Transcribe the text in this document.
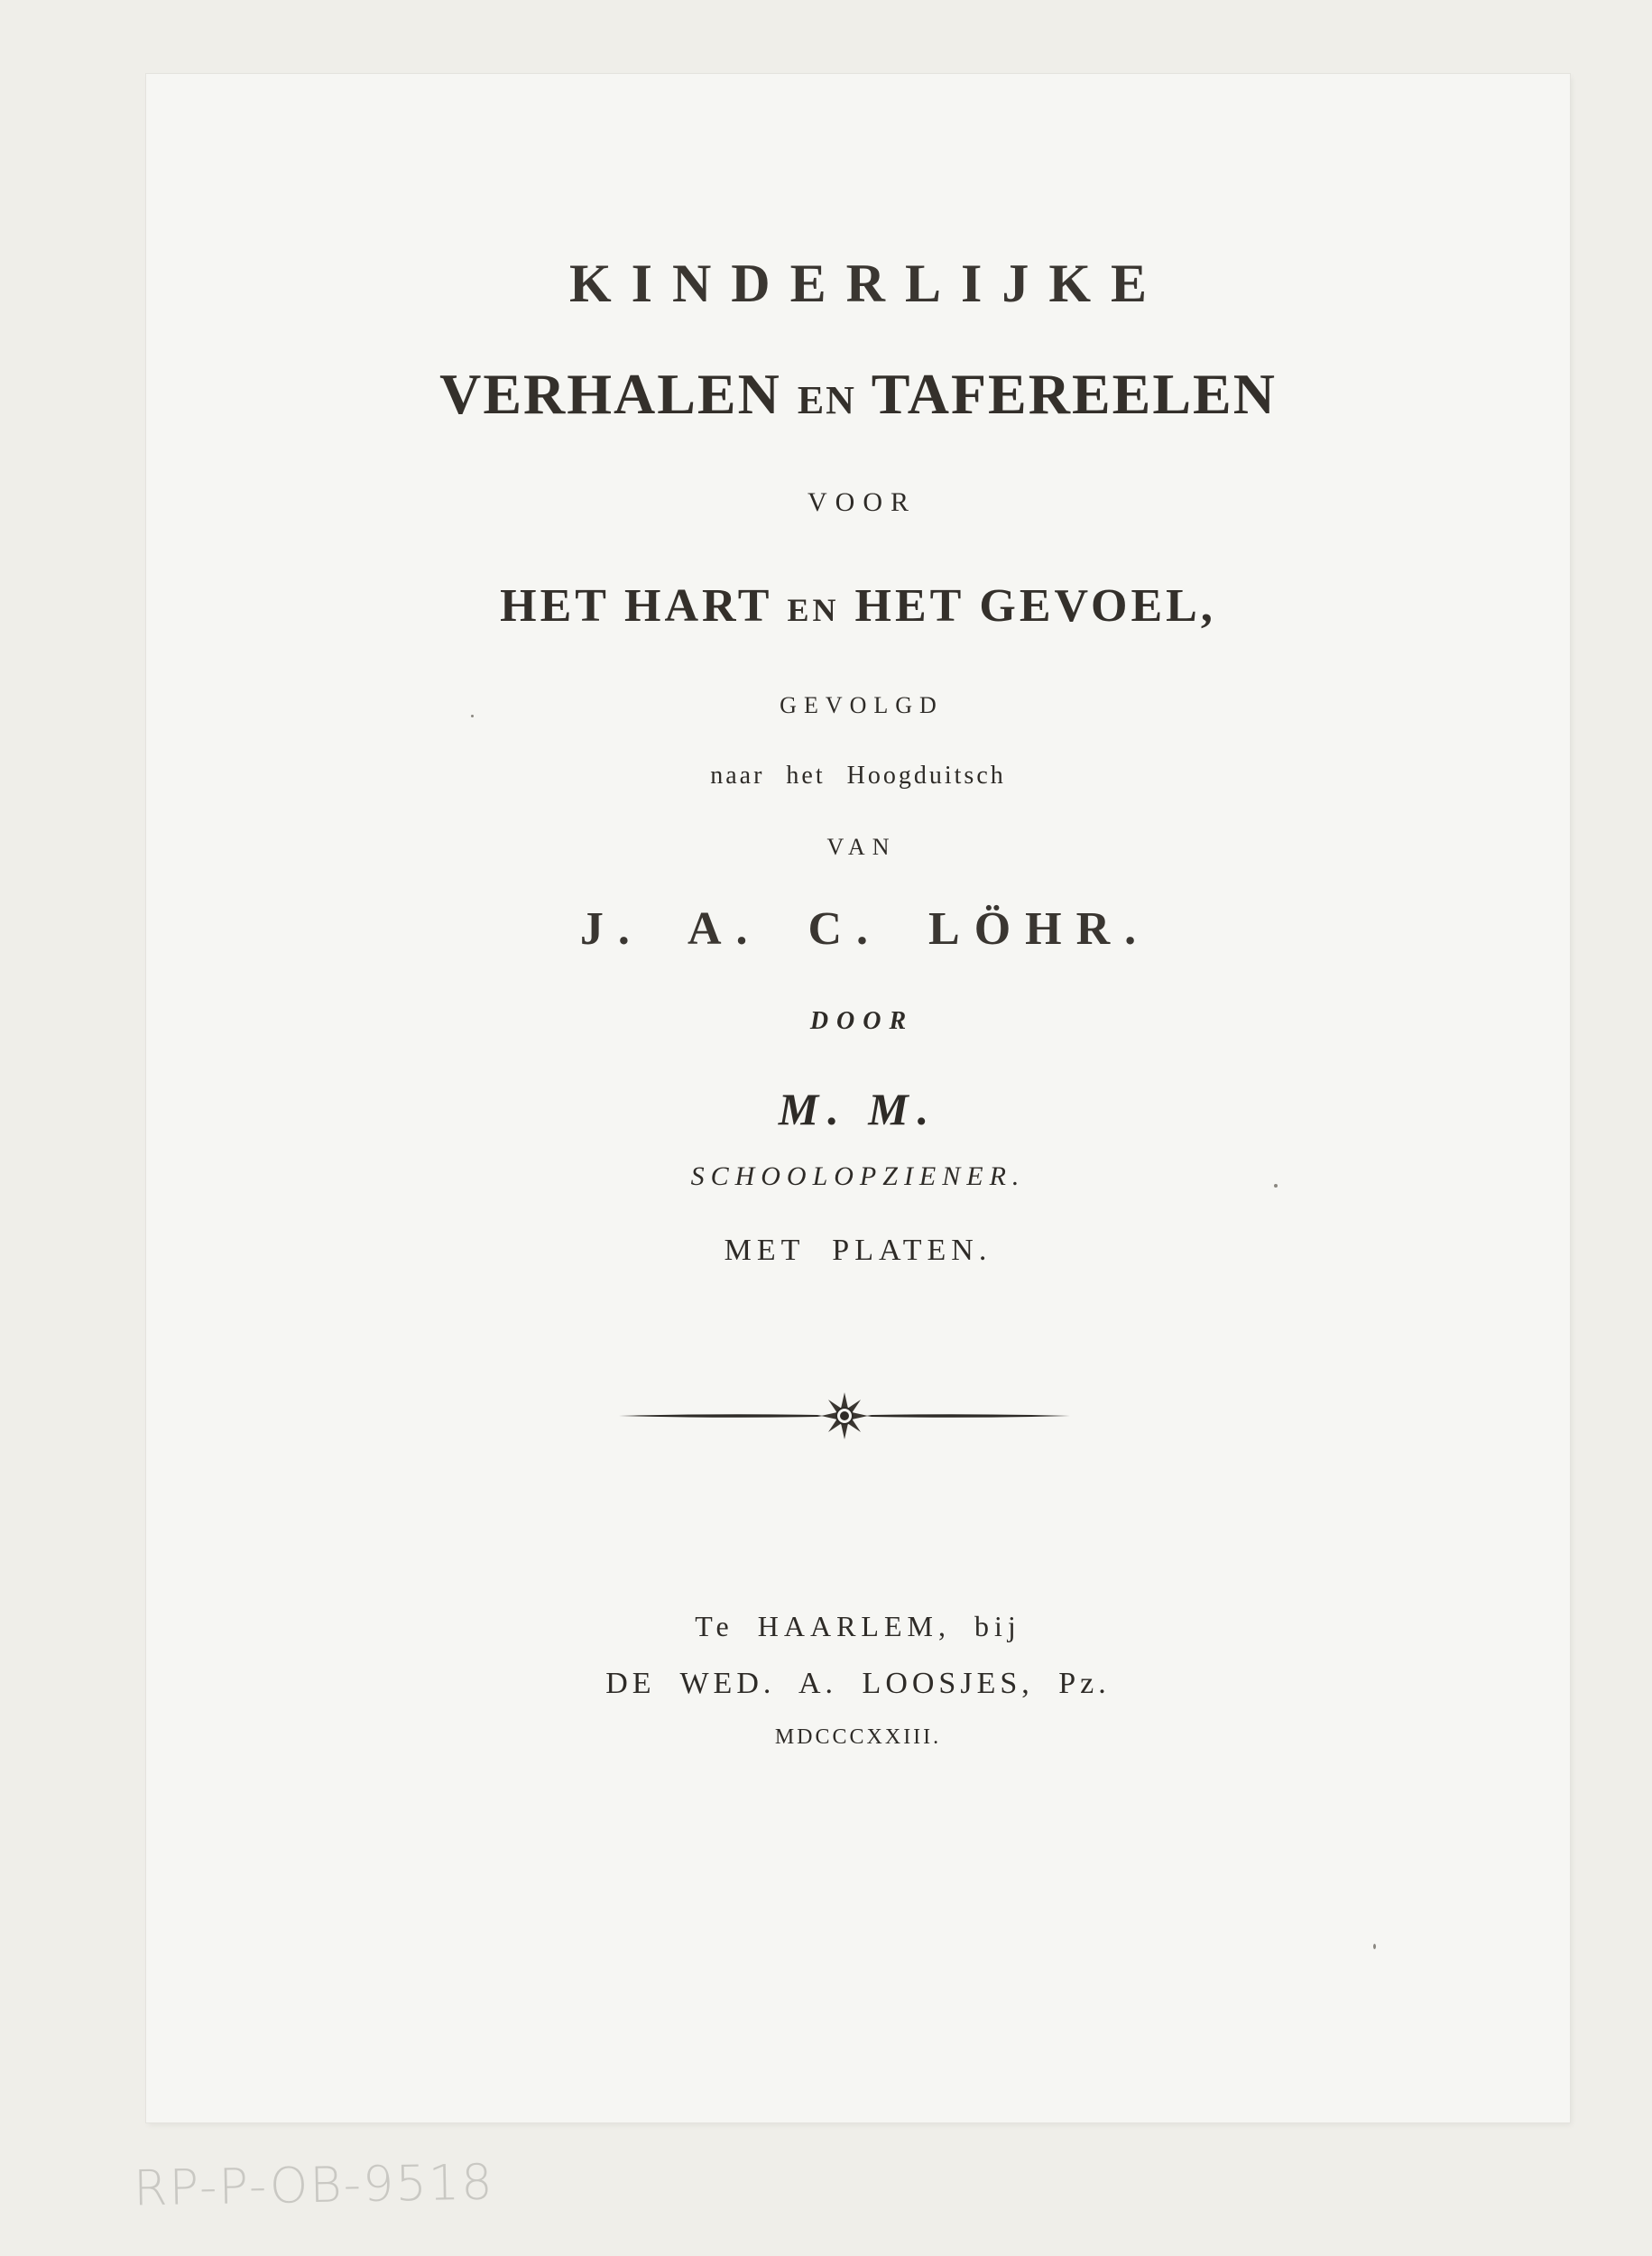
KINDERLIJKE
VERHALEN EN TAFEREELEN
VOOR
HET HART EN HET GEVOEL,
GEVOLGD
naar het Hoogduitsch
VAN
J. A. C. LÖHR.
DOOR
M. M.
SCHOOLOPZIENER.
MET PLATEN.
Te HAARLEM, bij
DE WED. A. LOOSJES, Pz.
MDCCCXXIII.
RP-P-OB-9518
